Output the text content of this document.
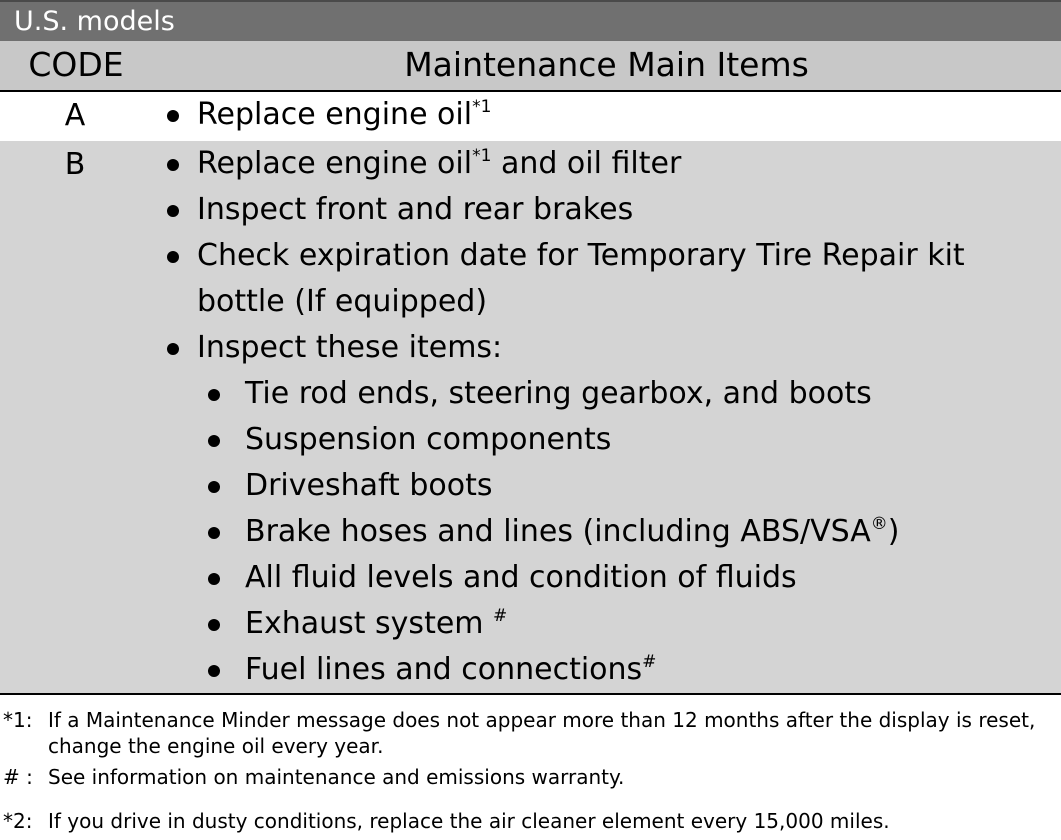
U.S. models
CODE	Maintenance Main Items
A	Replace engine oil$^{*1}$
B	Replace engine oil$^{*1}$ and oil filter
Inspect front and rear brakes
Check expiration date for Temporary Tire Repair kit
bottle (If equipped)
Inspect these items:
Tie rod ends, steering gearbox, and boots
Suspension components
Driveshaft boots
Brake hoses and lines (including ABS/VSA®)
All fluid levels and condition of fluids
Exhaust system #
Fuel lines and connections#
*1: If a Maintenance Minder message does not appear more than 12 months after the display is reset,
change the engine oil every year.
# : See information on maintenance and emissions warranty.
*2: If you drive in dusty conditions, replace the air cleaner element every 15,000 miles.
